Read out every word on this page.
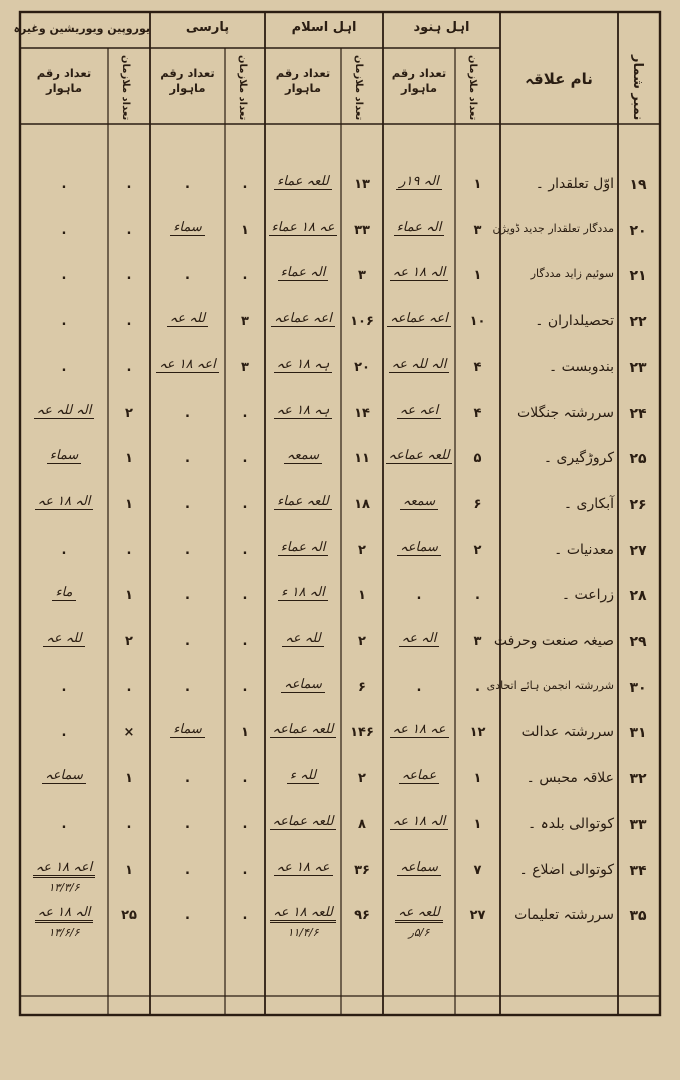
نمبر شمار
نام علاقہ
اہل ہنود
اہل اسلام
پارسی
یوروپین ویوریشین وغیرہ
تعداد ملازمان
تعداد رقم ماہوار
تعداد ملازمان
تعداد رقم ماہوار
تعداد ملازمان
تعداد رقم ماہوار
تعداد ملازمان
تعداد رقم ماہوار
۱۹
اوّل تعلقدار ۔
۱
الہ ۱۹ر
۱۳
للعہ عماء
.
.
.
.
۲۰
مددگار تعلقدار جدید ڈویژن
۳
الہ عماء
۳۳
عہ ۱۸ عماء
۱
سماء
.
.
۲۱
سوئیم زاید مددگار
۱
الہ ۱۸ عہ
۳
الہ عماء
.
.
.
.
۲۲
تحصیلداران ۔
۱۰
اعہ عماعہ
۱۰۶
اعہ عماعہ
۳
للہ عہ
.
.
۲۳
بندوبست ۔
۴
الہ للہ عہ
۲۰
ہہ ۱۸ عہ
۳
اعہ ۱۸ عہ
.
.
۲۴
سررشتہ جنگلات
۴
اعہ عہ
۱۴
ہہ ۱۸ عہ
.
.
۲
الہ للہ عہ
۲۵
کروڑگیری ۔
۵
للعہ عماعہ
۱۱
سمعہ
.
.
۱
سماء
۲۶
آبکاری ۔
۶
سمعہ
۱۸
للعہ عماء
.
.
۱
الہ ۱۸ عہ
۲۷
معدنیات ۔
۲
سماعہ
۲
الہ عماء
.
.
.
.
۲۸
زراعت ۔
.
.
۱
الہ ۱۸ ء
.
.
۱
ماء
۲۹
صیغہ صنعت وحرفت
۳
الہ عہ
۲
للہ عہ
.
.
۲
للہ عہ
۳۰
شررشتہ انجمن ہائے اتحادی
.
.
۶
سماعہ
.
.
.
.
۳۱
سررشتہ عدالت
۱۲
عہ ۱۸ عہ
۱۴۶
للعہ عماعہ
۱
سماء
×
.
۳۲
علاقہ محبس ۔
۱
عماعہ
۲
للہ ء
.
.
۱
سماعہ
۳۳
کوتوالی بلدہ ۔
۱
الہ ۱۸ عہ
۸
للعہ عماعہ
.
.
.
.
۳۴
کوتوالی اضلاع ۔
۷
سماعہ
۳۶
عہ ۱۸ عہ
.
.
۱
اعہ ۱۸ عہ
۱۳/۳/۶
۳۵
سررشتہ تعلیمات
۲۷
للعہ عہ
۵/۶ر
۹۶
للعہ ۱۸ عہ
۱۱/۴/۶
.
.
۲۵
الہ ۱۸ عہ
۱۳/۶/۶
